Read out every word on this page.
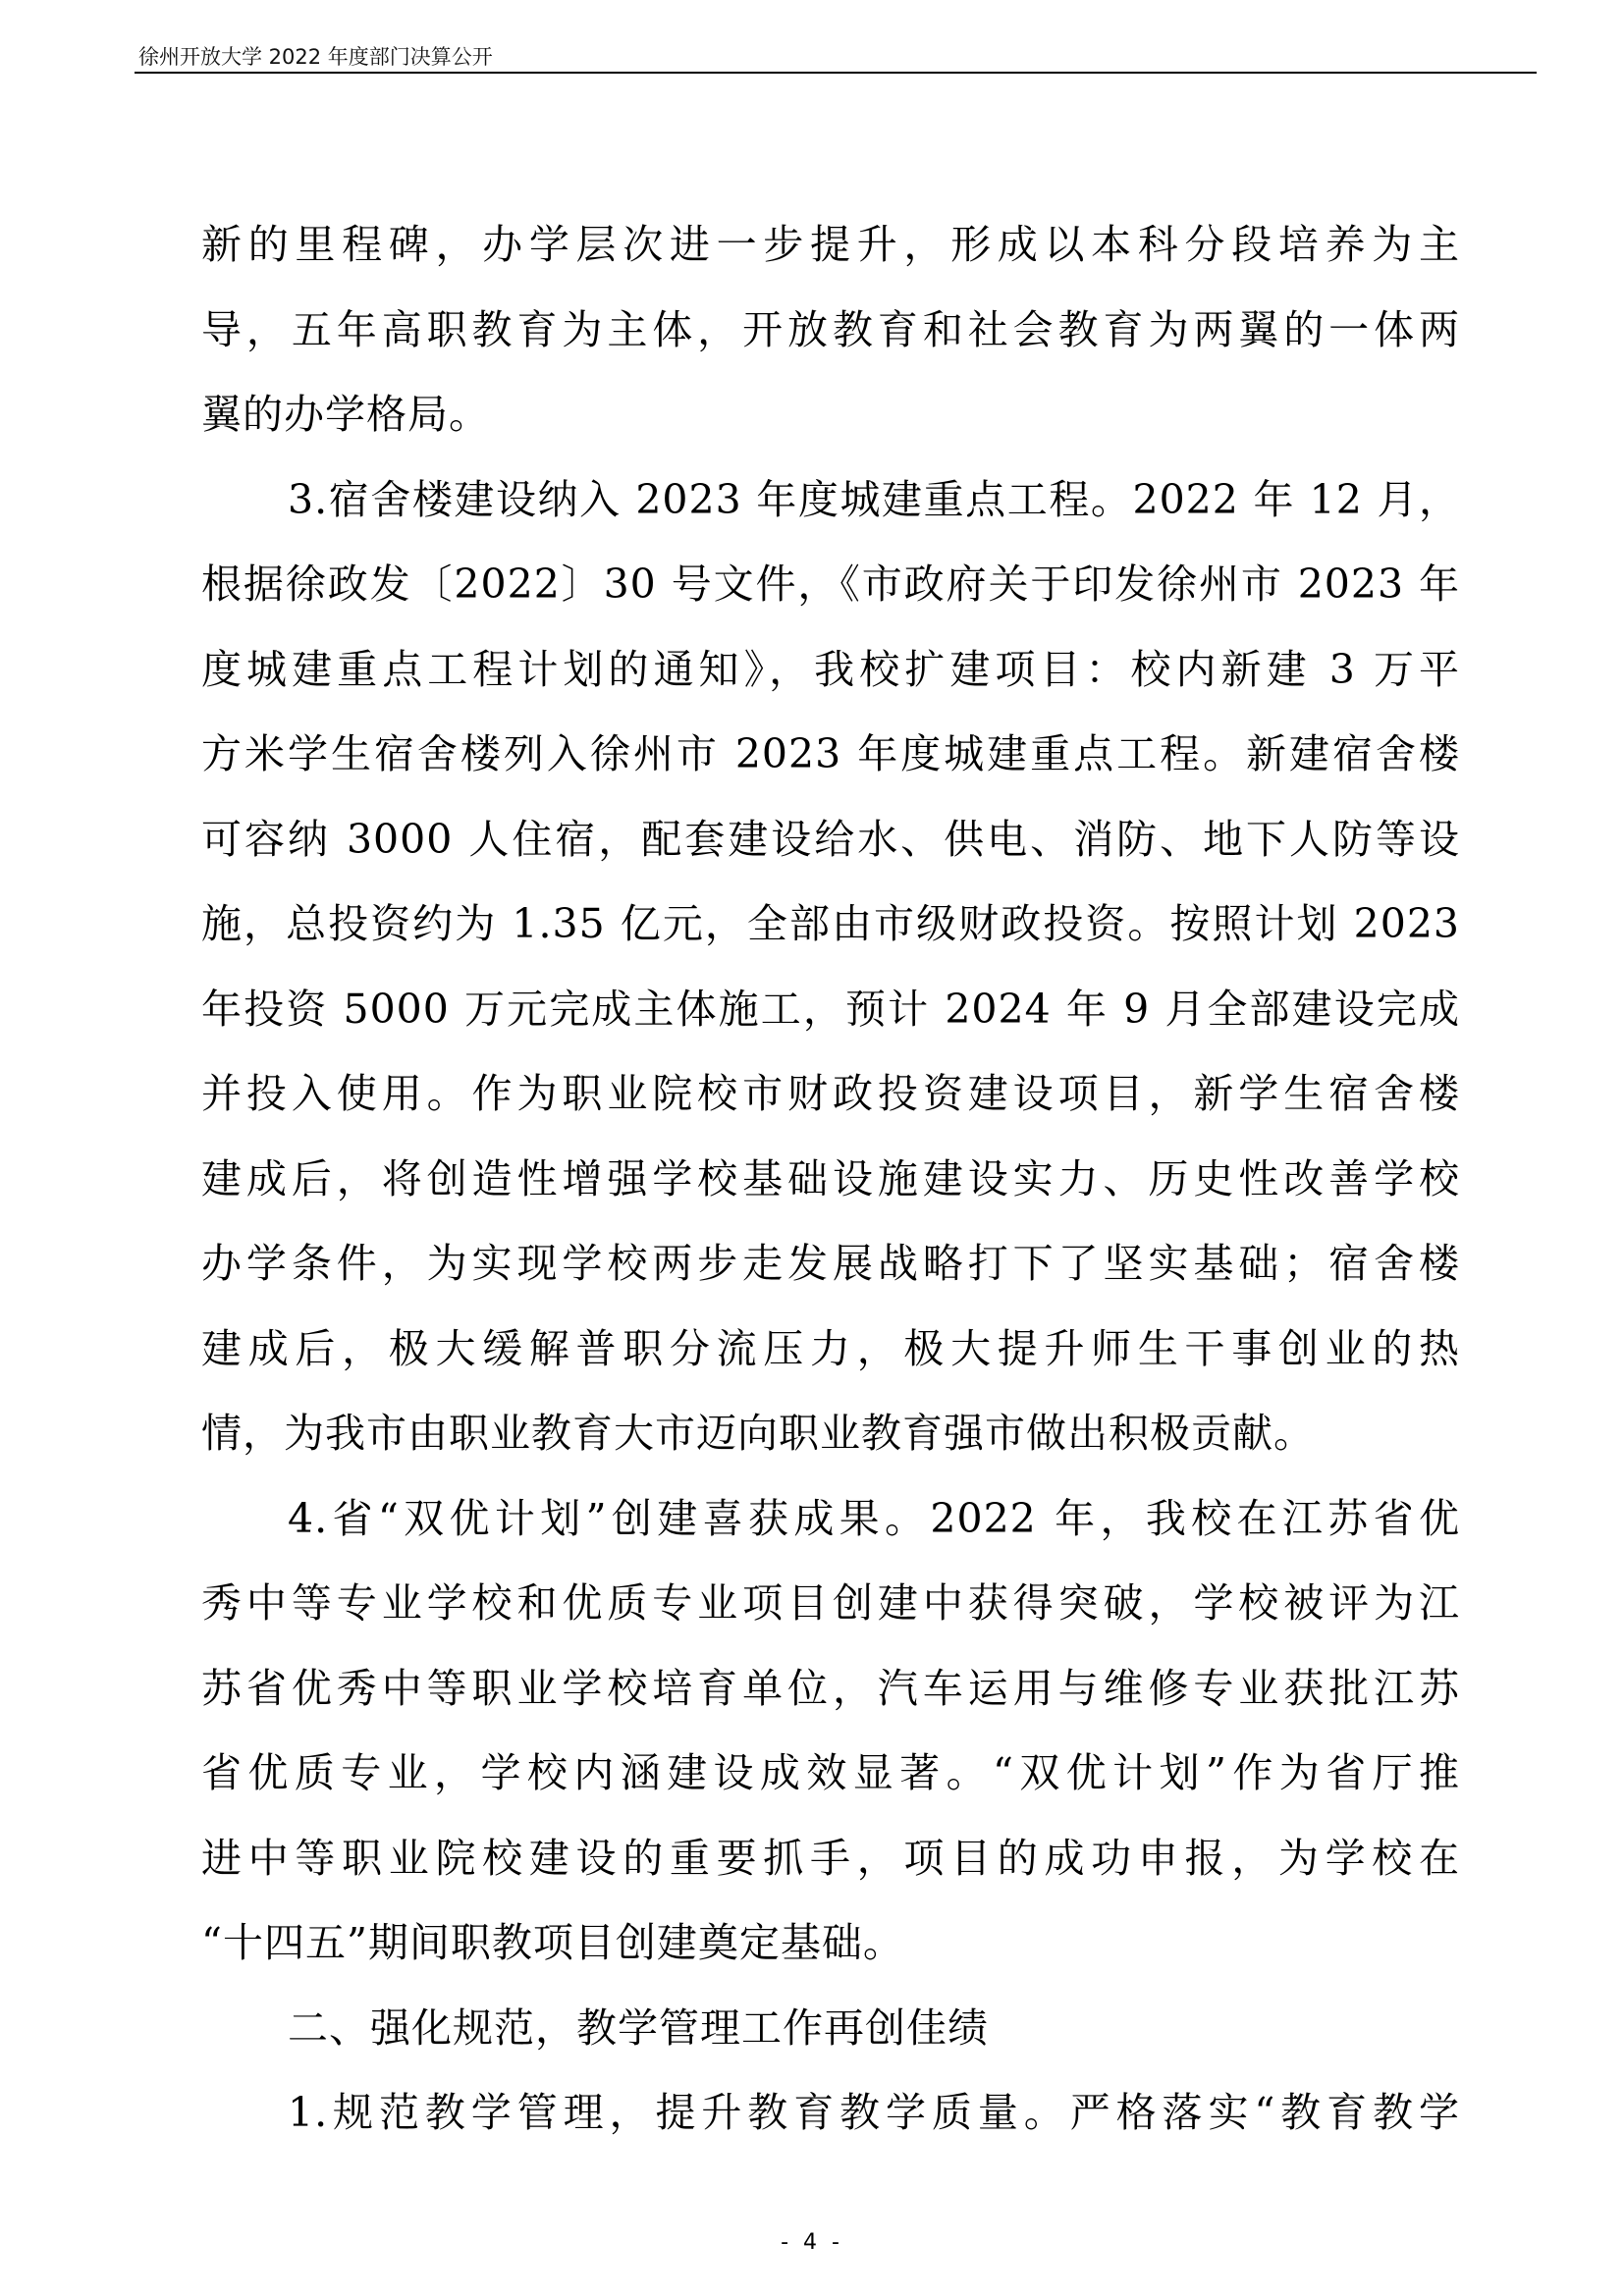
徐州开放大学 2022 年度部门决算公开
新的里程碑，办学层次进一步提升，形成以本科分段培养为主
导，五年高职教育为主体，开放教育和社会教育为两翼的一体两
翼的办学格局。
3.宿舍楼建设纳入 2023 年度城建重点工程。2022 年 12 月，
根据徐政发〔2022〕30 号文件，《市政府关于印发徐州市 2023 年
度城建重点工程计划的通知》，我校扩建项目：校内新建 3 万平
方米学生宿舍楼列入徐州市 2023 年度城建重点工程。新建宿舍楼
可容纳 3000 人住宿，配套建设给水、供电、消防、地下人防等设
施，总投资约为 1.35 亿元，全部由市级财政投资。按照计划 2023
年投资 5000 万元完成主体施工，预计 2024 年 9 月全部建设完成
并投入使用。作为职业院校市财政投资建设项目，新学生宿舍楼
建成后，将创造性增强学校基础设施建设实力、历史性改善学校
办学条件，为实现学校两步走发展战略打下了坚实基础；宿舍楼
建成后，极大缓解普职分流压力，极大提升师生干事创业的热
情，为我市由职业教育大市迈向职业教育强市做出积极贡献。
4.省“双优计划”创建喜获成果。2022 年，我校在江苏省优
秀中等专业学校和优质专业项目创建中获得突破，学校被评为江
苏省优秀中等职业学校培育单位，汽车运用与维修专业获批江苏
省优质专业，学校内涵建设成效显著。“双优计划”作为省厅推
进中等职业院校建设的重要抓手，项目的成功申报，为学校在
“十四五”期间职教项目创建奠定基础。
二、强化规范，教学管理工作再创佳绩
1.规范教学管理，提升教育教学质量。严格落实“教育教学
- 4 -
